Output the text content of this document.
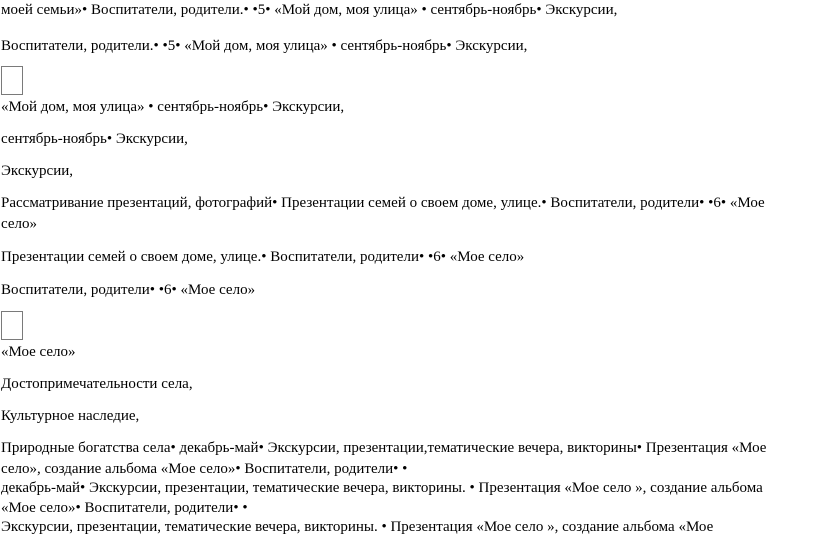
моей семьи»• Воспитатели, родители.• •5• «Мой дом, моя улица» • сентябрь-ноябрь• Экскурсии,
Воспитатели, родители.• •5• «Мой дом, моя улица» • сентябрь-ноябрь• Экскурсии,
«Мой дом, моя улица» • сентябрь-ноябрь• Экскурсии,
сентябрь-ноябрь• Экскурсии,
Экскурсии,
Рассматривание презентаций, фотографий• Презентации семей о своем доме, улице.• Воспитатели, родители• •6• «Мое
село»
Презентации семей о своем доме, улице.• Воспитатели, родители• •6• «Мое село»
Воспитатели, родители• •6• «Мое село»
«Мое село»
Достопримечательности села,
Культурное наследие,
Природные богатства села• декабрь-май• Экскурсии, презентации,тематические вечера, викторины• Презентация «Мое
село», создание альбома «Мое село»• Воспитатели, родители• •
декабрь-май• Экскурсии, презентации, тематические вечера, викторины. • Презентация «Мое село », создание альбома
«Мое село»• Воспитатели, родители• •
Экскурсии, презентации, тематические вечера, викторины. • Презентация «Мое село », создание альбома «Мое
